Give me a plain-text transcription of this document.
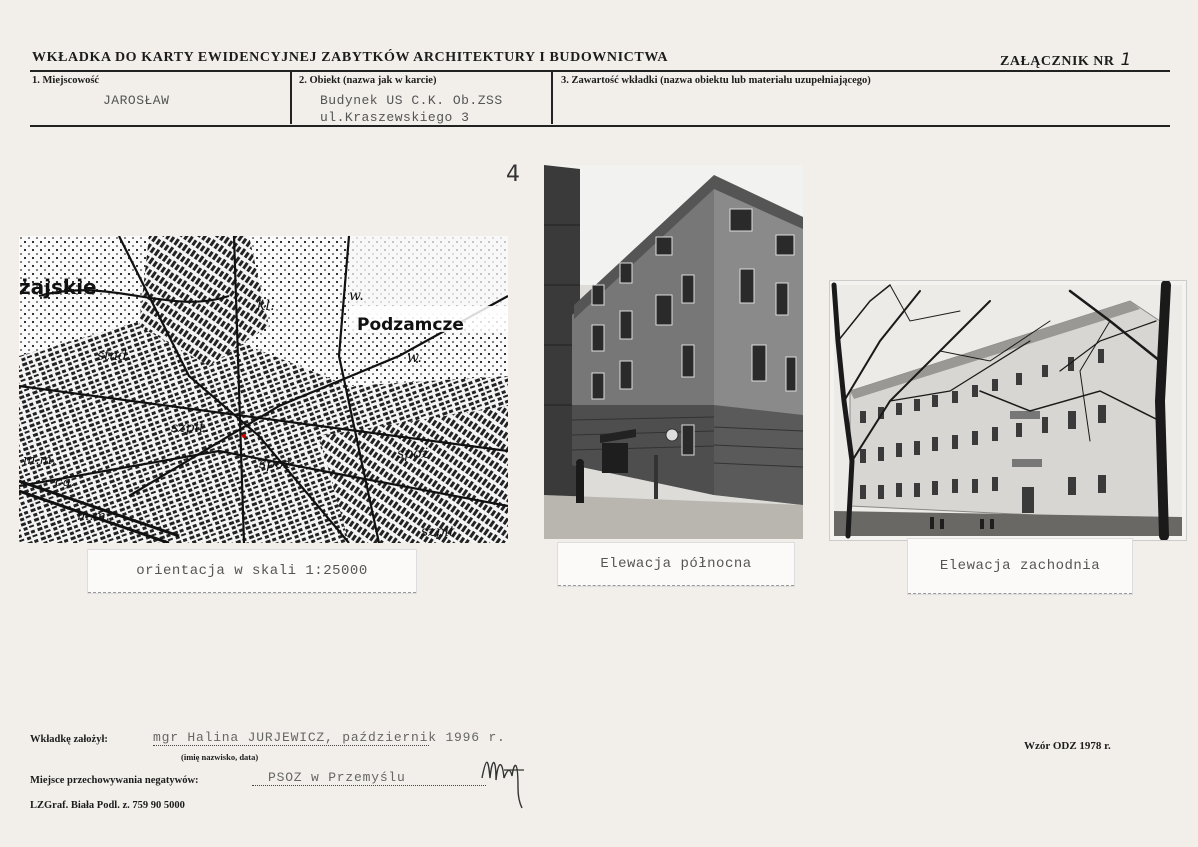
WKŁADKA DO KARTY EWIDENCYJNEJ ZABYTKÓW ARCHITEKTURY I BUDOWNICTWA	ZAŁĄCZNIK NR 1
1. Miejscowość
JAROSŁAW
2. Obiekt (nazwa jak w karcie)
Budynek US C.K. Ob.ZSS
ul.Kraszewskiego 3
3. Zawartość wkładki (nazwa obiektu lub materiału uzupełniającego)
4
żajskie
Podzamcze
stad.
kl.
w.
w.
szpit.
spoż
spoż
m.m.
cg.
m.m.
szpit
orientacja w skali 1:25000	Elewacja północna	Elewacja zachodnia
Wkładkę założył:	mgr Halina JURJEWICZ, październik 1996 r.
(imię nazwisko, data)
Miejsce przechowywania negatywów:	PSOZ w Przemyślu
LZGraf. Biała Podl. z. 759 90 5000
Wzór ODZ 1978 r.
